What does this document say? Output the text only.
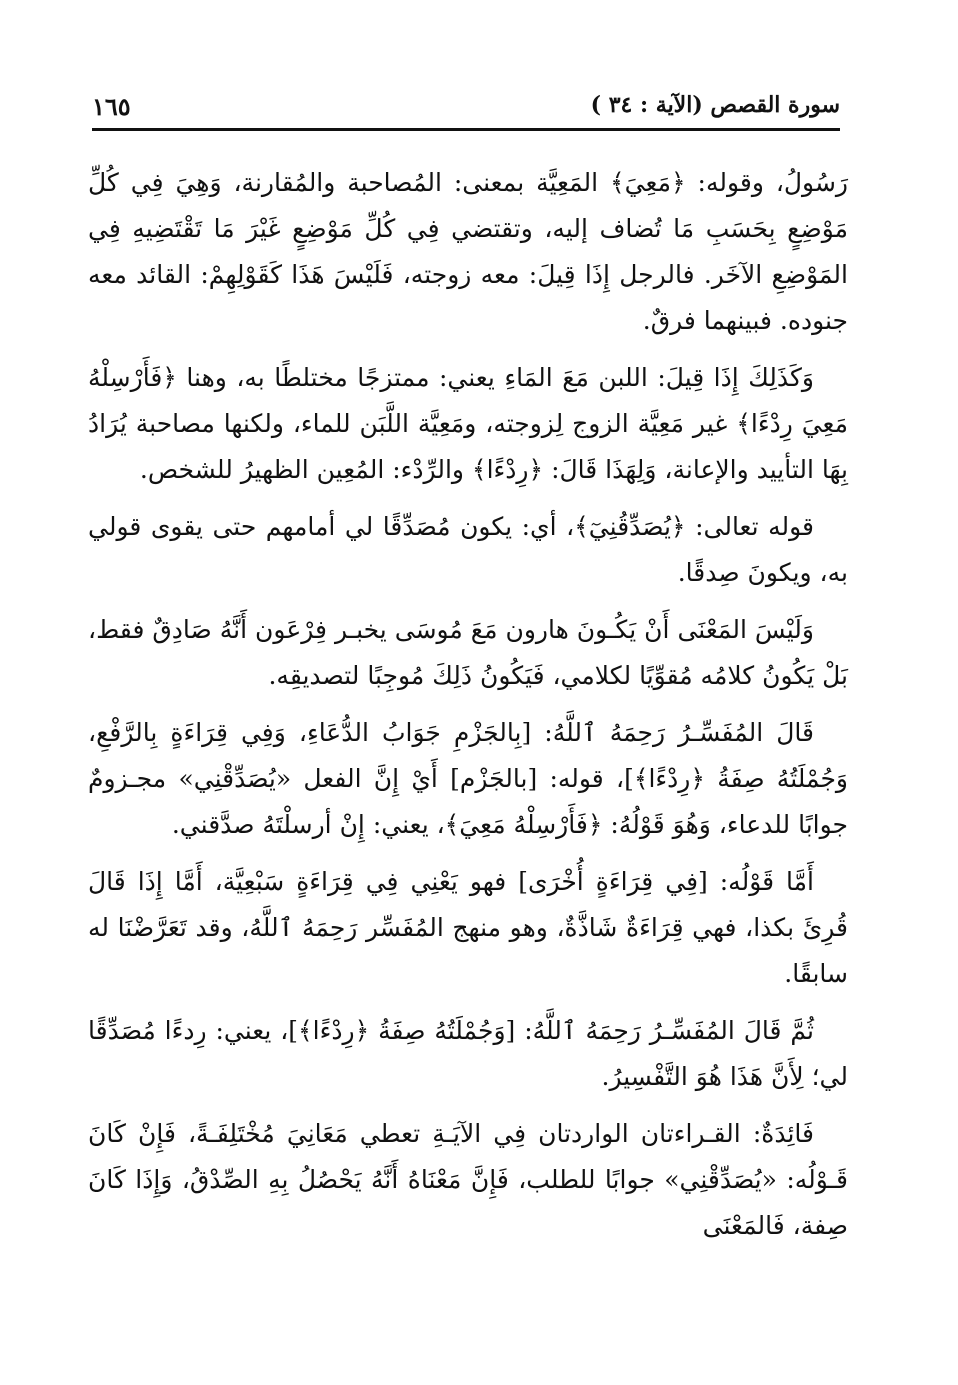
سورة القصص (الآية : ٣٤ )
١٦٥

رَسُولُ، وقوله: ﴿مَعِيَ﴾ المَعِيَّة بمعنى: المُصاحبة والمُقارنة، وَهِيَ فِي كُلِّ مَوْضِعٍ بِحَسَبِ مَا تُضاف إليه، وتقتضي فِي كُلِّ مَوْضِعٍ غَيْرَ مَا تَقْتَضِيهِ فِي المَوْضِعِ الآخَر. فالرجل إِذَا قِيلَ: معه زوجته، فَلَيْسَ هَذَا كَقَوْلِهِمْ: القائد معه جنوده. فبينهما فرقٌ.

وَكَذَلِكَ إِذَا قِيلَ: اللبن مَعَ المَاءِ يعني: ممتزجًا مختلطًا به، وهنا ﴿فَأَرْسِلْهُ مَعِيَ رِدْءًا﴾ غير مَعِيَّة الزوج لِزوجته، ومَعِيَّة اللَّبَن للماء، ولكنها مصاحبة يُرَادُ بِهَا التأييد والإعانة، وَلِهَذَا قَالَ: ﴿رِدْءًا﴾ والرِّدْء: المُعِين الظهيرُ للشخص.

قوله تعالى: ﴿يُصَدِّقُنِيٓ﴾، أي: يكون مُصَدِّقًا لي أمامهم حتى يقوى قولي به، ويكونَ صِدقًا.

وَلَيْسَ المَعْنَى أَنْ يَكُـونَ هارون مَعَ مُوسَى يخبـر فِرْعَون أَنَّهُ صَادِقٌ فقط، بَلْ يَكُونُ كلامُه مُقوِّيًا لكلامي، فَيَكُونُ ذَلِكَ مُوجِبًا لتصديقِه.

قَالَ المُفَسِّـرُ رَحِمَهُ ٱللَّهُ: [بِالجَزْمِ جَوَابُ الدُّعَاءِ، وَفِي قِرَاءَةٍ بِالرَّفْعِ، وَجُمْلَتُهُ صِفَةُ ﴿رِدْءًا﴾]، قوله: [بالجَزْم] أَيْ إِنَّ الفعل «يُصَدِّقْنِي» مجـزومٌ جوابًا للدعاء، وَهُوَ قَوْلُهُ: ﴿فَأَرْسِلْهُ مَعِيَ﴾، يعني: إِنْ أرسلْتَهُ صدَّقني.

أَمَّا قَوْلُه: [فِي قِرَاءَةٍ أُخْرَى] فهو يَعْنِي فِي قِرَاءَةٍ سَبْعِيَّة، أَمَّا إِذَا قَالَ قُرِئَ بكذا، فهي قِرَاءَةٌ شَاذَّةٌ، وهو منهج المُفَسِّر رَحِمَهُ ٱللَّهُ، وقد تَعَرَّضْنَا له سابقًا.

ثُمَّ قَالَ المُفَسِّـرُ رَحِمَهُ ٱللَّهُ: [وَجُمْلَتُهُ صِفَةُ ﴿رِدْءًا﴾]، يعني: رِدءًا مُصَدِّقًا لي؛ لِأَنَّ هَذَا هُوَ التَّفْسِيرُ.

فَائِدَةٌ: القـراءتان الواردتان فِي الآيَـةِ تعطي مَعَانِيَ مُخْتَلِفَـةً، فَإِنْ كَانَ قَـوْلُه: «يُصَدِّقْنِي» جوابًا للطلب، فَإِنَّ مَعْنَاهُ أَنَّهُ يَحْصُلُ بِهِ الصِّدْقُ، وَإِذَا كَانَ صِفة، فَالمَعْنَى
